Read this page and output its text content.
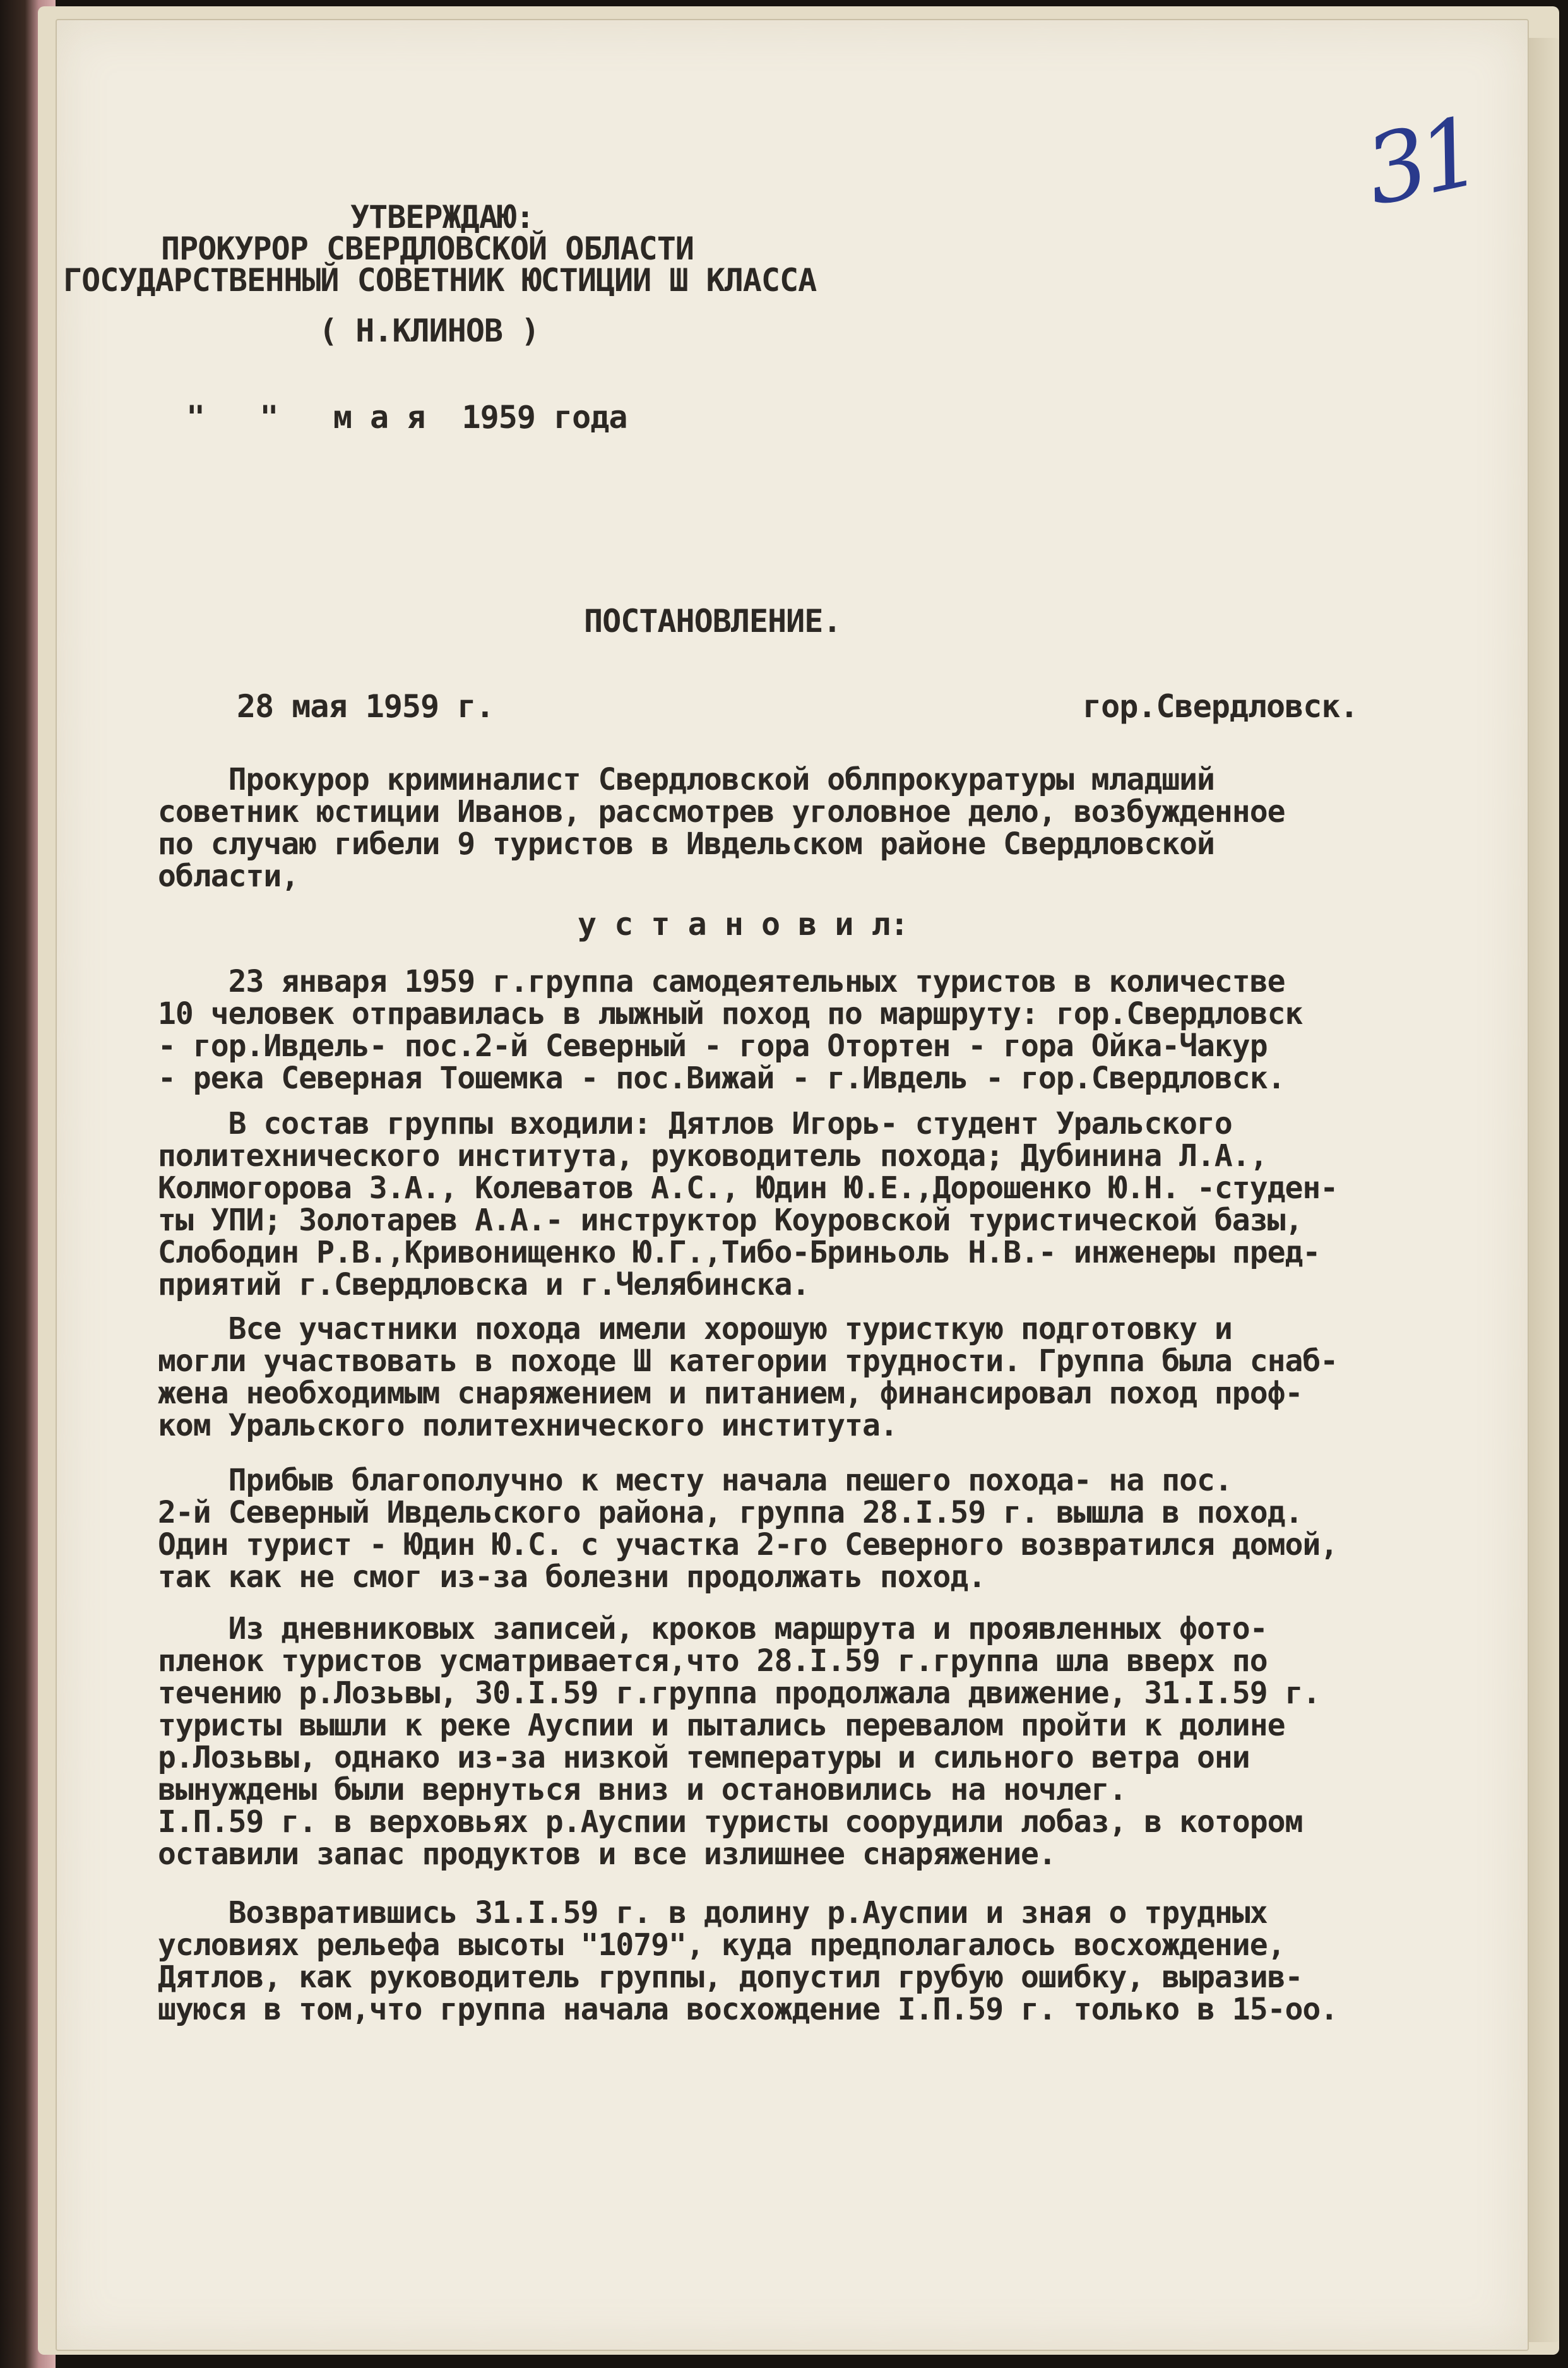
31
УТВЕРЖДАЮ:
ПРОКУРОР СВЕРДЛОВСКОЙ ОБЛАСТИ
ГОСУДАРСТВЕННЫЙ СОВЕТНИК ЮСТИЦИИ Ш КЛАССА
( Н.КЛИНОВ )
"   "   м а я  1959 года
ПОСТАНОВЛЕНИЕ.
28 мая 1959 г.	гор.Свердловск.
Прокурор криминалист Свердловской облпрокуратуры младший
советник юстиции Иванов, рассмотрев уголовное дело, возбужденное
по случаю гибели 9 туристов в Ивдельском районе Свердловской
области,
у с т а н о в и л:
23 января 1959 г.группа самодеятельных туристов в количестве
10 человек отправилась в лыжный поход по маршруту: гор.Свердловск
- гор.Ивдель- пос.2-й Северный - гора Отортен - гора Ойка-Чакур
- река Северная Тошемка - пос.Вижай - г.Ивдель - гор.Свердловск.
В состав группы входили: Дятлов Игорь- студент Уральского
политехнического института, руководитель похода; Дубинина Л.А.,
Колмогорова З.А., Колеватов А.С., Юдин Ю.Е.,Дорошенко Ю.Н. -студен-
ты УПИ; Золотарев А.А.- инструктор Коуровской туристической базы,
Слободин Р.В.,Кривонищенко Ю.Г.,Тибо-Бриньоль Н.В.- инженеры пред-
приятий г.Свердловска и г.Челябинска.
Все участники похода имели хорошую туристкую подготовку и
могли участвовать в походе Ш категории трудности. Группа была снаб-
жена необходимым снаряжением и питанием, финансировал поход проф-
ком Уральского политехнического института.
Прибыв благополучно к месту начала пешего похода- на пос.
2-й Северный Ивдельского района, группа 28.I.59 г. вышла в поход.
Один турист - Юдин Ю.С. с участка 2-го Северного возвратился домой,
так как не смог из-за болезни продолжать поход.
Из дневниковых записей, кроков маршрута и проявленных фото-
пленок туристов усматривается,что 28.I.59 г.группа шла вверх по
течению р.Лозьвы, 30.I.59 г.группа продолжала движение, 31.I.59 г.
туристы вышли к реке Ауспии и пытались перевалом пройти к долине
р.Лозьвы, однако из-за низкой температуры и сильного ветра они
вынуждены были вернуться вниз и остановились на ночлег.
I.П.59 г. в верховьях р.Ауспии туристы соорудили лобаз, в котором
оставили запас продуктов и все излишнее снаряжение.
Возвратившись 31.I.59 г. в долину р.Ауспии и зная о трудных
условиях рельефа высоты "1079", куда предполагалось восхождение,
Дятлов, как руководитель группы, допустил грубую ошибку, выразив-
шуюся в том,что группа начала восхождение I.П.59 г. только в 15-оо.
